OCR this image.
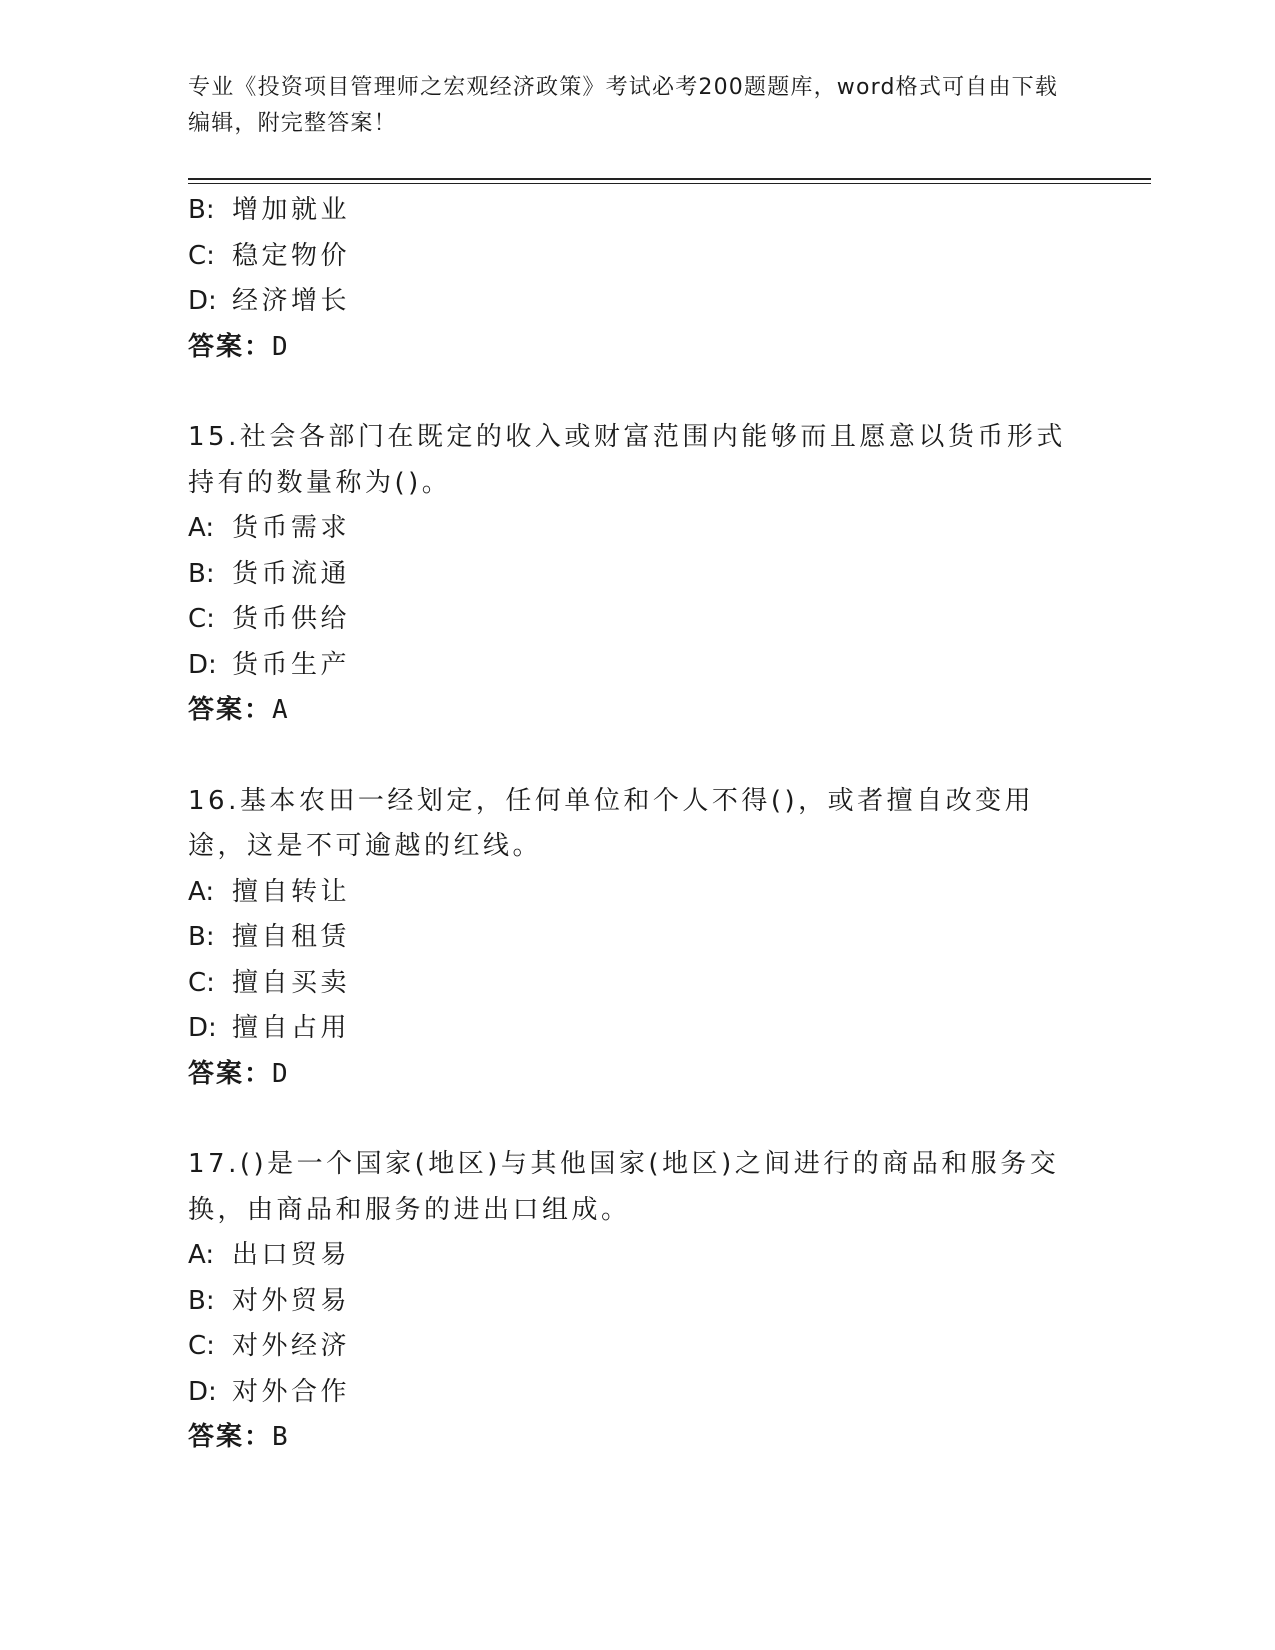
专业《投资项目管理师之宏观经济政策》考试必考200题题库，word格式可自由下载编辑，附完整答案！
B: 增加就业
C: 稳定物价
D: 经济增长
答案：D
15.社会各部门在既定的收入或财富范围内能够而且愿意以货币形式持有的数量称为()。
A: 货币需求
B: 货币流通
C: 货币供给
D: 货币生产
答案：A
16.基本农田一经划定，任何单位和个人不得()，或者擅自改变用途，这是不可逾越的红线。
A: 擅自转让
B: 擅自租赁
C: 擅自买卖
D: 擅自占用
答案：D
17.()是一个国家(地区)与其他国家(地区)之间进行的商品和服务交换，由商品和服务的进出口组成。
A: 出口贸易
B: 对外贸易
C: 对外经济
D: 对外合作
答案：B
